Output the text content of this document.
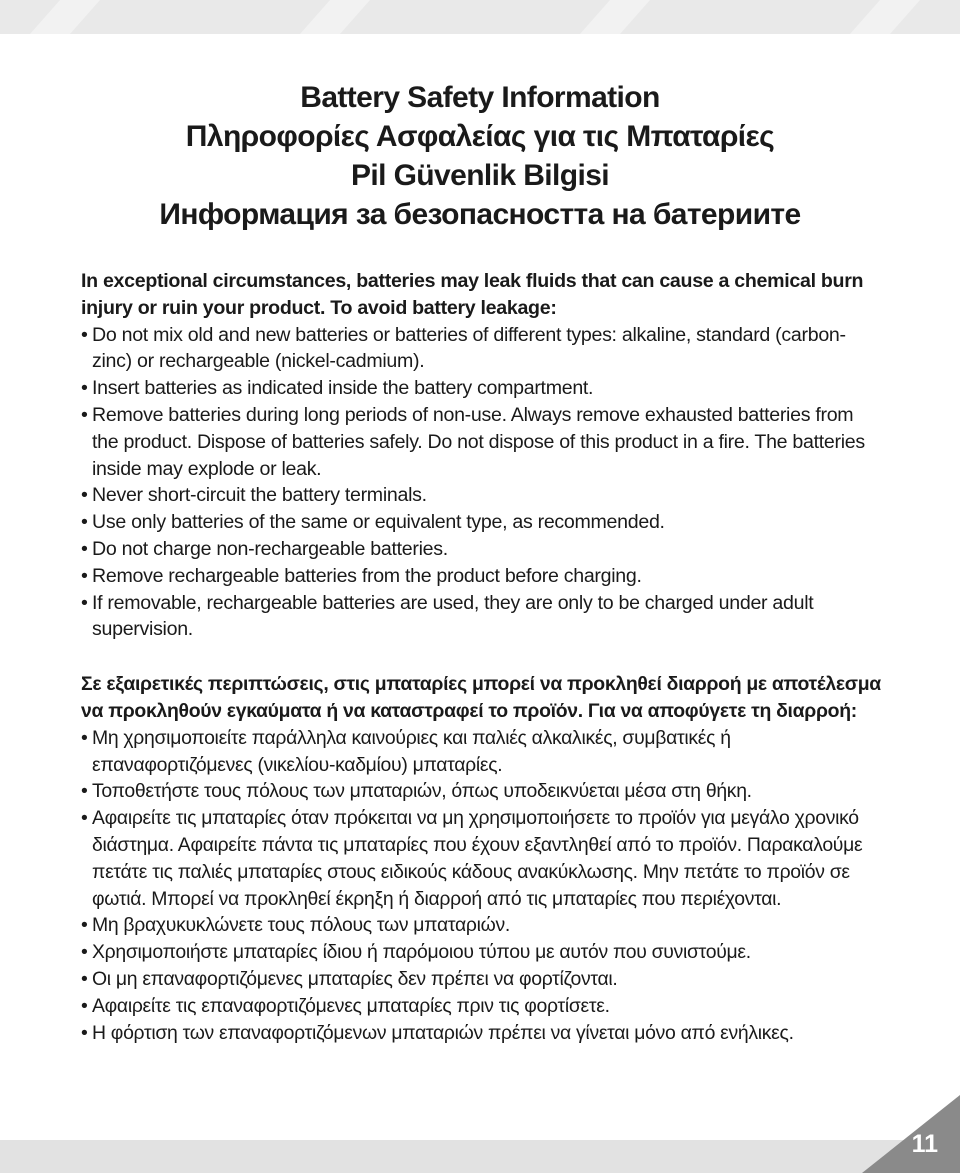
Battery Safety Information
Πληροφορίες Ασφαλείας για τις Μπαταρίες
Pil Güvenlik Bilgisi
Информация за безопасността на батериите

In exceptional circumstances, batteries may leak fluids that can cause a chemical burn injury or ruin your product. To avoid battery leakage:

• Do not mix old and new batteries or batteries of different types: alkaline, standard (carbon-zinc) or rechargeable (nickel-cadmium).
• Insert batteries as indicated inside the battery compartment.
• Remove batteries during long periods of non-use. Always remove exhausted batteries from the product. Dispose of batteries safely. Do not dispose of this product in a fire. The batteries inside may explode or leak.
• Never short-circuit the battery terminals.
• Use only batteries of the same or equivalent type, as recommended.
• Do not charge non-rechargeable batteries.
• Remove rechargeable batteries from the product before charging.
• If removable, rechargeable batteries are used, they are only to be charged under adult supervision.

Σε εξαιρετικές περιπτώσεις, στις μπαταρίες μπορεί να προκληθεί διαρροή με αποτέλεσμα να προκληθούν εγκαύματα ή να καταστραφεί το προϊόν. Για να αποφύγετε τη διαρροή:

• Μη χρησιμοποιείτε παράλληλα καινούριες και παλιές αλκαλικές, συμβατικές ή επαναφορτιζόμενες (νικελίου-καδμίου) μπαταρίες.
• Τοποθετήστε τους πόλους των μπαταριών, όπως υποδεικνύεται μέσα στη θήκη.
• Αφαιρείτε τις μπαταρίες όταν πρόκειται να μη χρησιμοποιήσετε το προϊόν για μεγάλο χρονικό διάστημα. Αφαιρείτε πάντα τις μπαταρίες που έχουν εξαντληθεί από το προϊόν. Παρακαλούμε πετάτε τις παλιές μπαταρίες στους ειδικούς κάδους ανακύκλωσης. Μην πετάτε το προϊόν σε φωτιά. Μπορεί να προκληθεί έκρηξη ή διαρροή από τις μπαταρίες που περιέχονται.
• Μη βραχυκυκλώνετε τους πόλους των μπαταριών.
• Χρησιμοποιήστε μπαταρίες ίδιου ή παρόμοιου τύπου με αυτόν που συνιστούμε.
• Οι μη επαναφορτιζόμενες μπαταρίες δεν πρέπει να φορτίζονται.
• Αφαιρείτε τις επαναφορτιζόμενες μπαταρίες πριν τις φορτίσετε.
• Η φόρτιση των επαναφορτιζόμενων μπαταριών πρέπει να γίνεται μόνο από ενήλικες.
11
